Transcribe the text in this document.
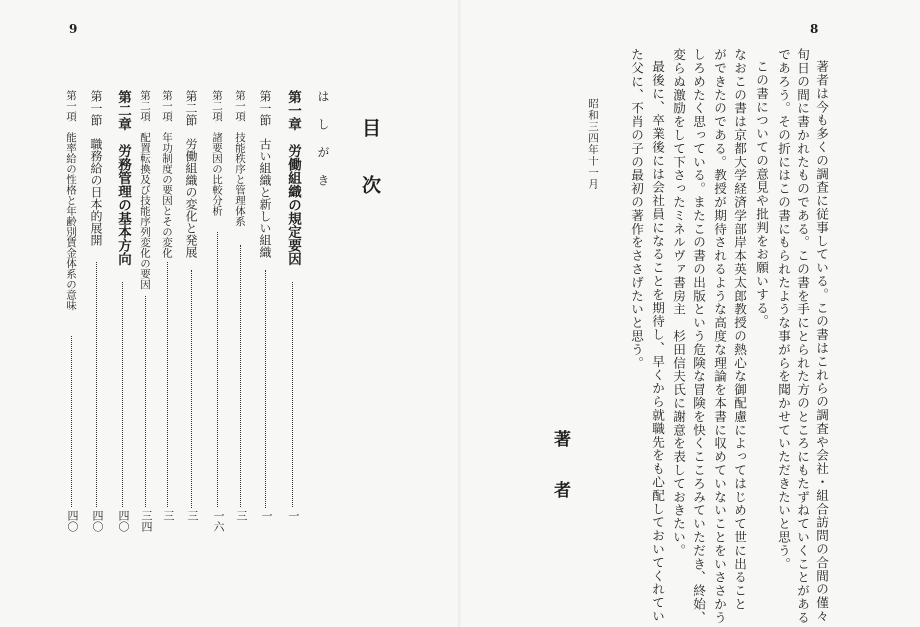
9	8
著者は今も多くの調査に従事している。この書はこれらの調査や会社・組合訪問の合間の僅々
旬日の間に書かれたものである。この書を手にとられた方のところにもたずねていくことがある
であろう。その折にはこの書にもられたような事がらを聞かせていただきたいと思う。
この書についての意見や批判をお願いする。
なおこの書は京都大学経済学部岸本英太郎教授の熱心な御配慮によってはじめて世に出ること
ができたのである。教授が期待されるような高度な理論を本書に収めていないことをいささかう
しろめたく思っている。またこの書の出版という危険な冒険を快くこころみていただき、終始、
変らぬ激励をして下さったミネルヴァ書房主　杉田信夫氏に謝意を表しておきたい。
最後に、卒業後には会社員になることを期待し、早くから就職先をも心配しておいてくれてい
た父に、不肖の子の最初の著作をささげたいと思う。
昭和三四年十一月
著　　者
目　　次
は　し　が　き
第一章　労働組織の規定要因
一
第一節　古い組織と新しい組織
一
第一項　技能秩序と管理体系
三
第二項　諸要因の比較分析
一六
第二節　労働組織の変化と発展
三
第一項　年功制度の要因とその変化
三
第二項　配置転換及び技能序列変化の要因
三四
第二章　労務管理の基本方向
四〇
第一節　職務給の日本的展開
四〇
第一項　能率給の性格と年齢別賃金体系の意味
四〇
